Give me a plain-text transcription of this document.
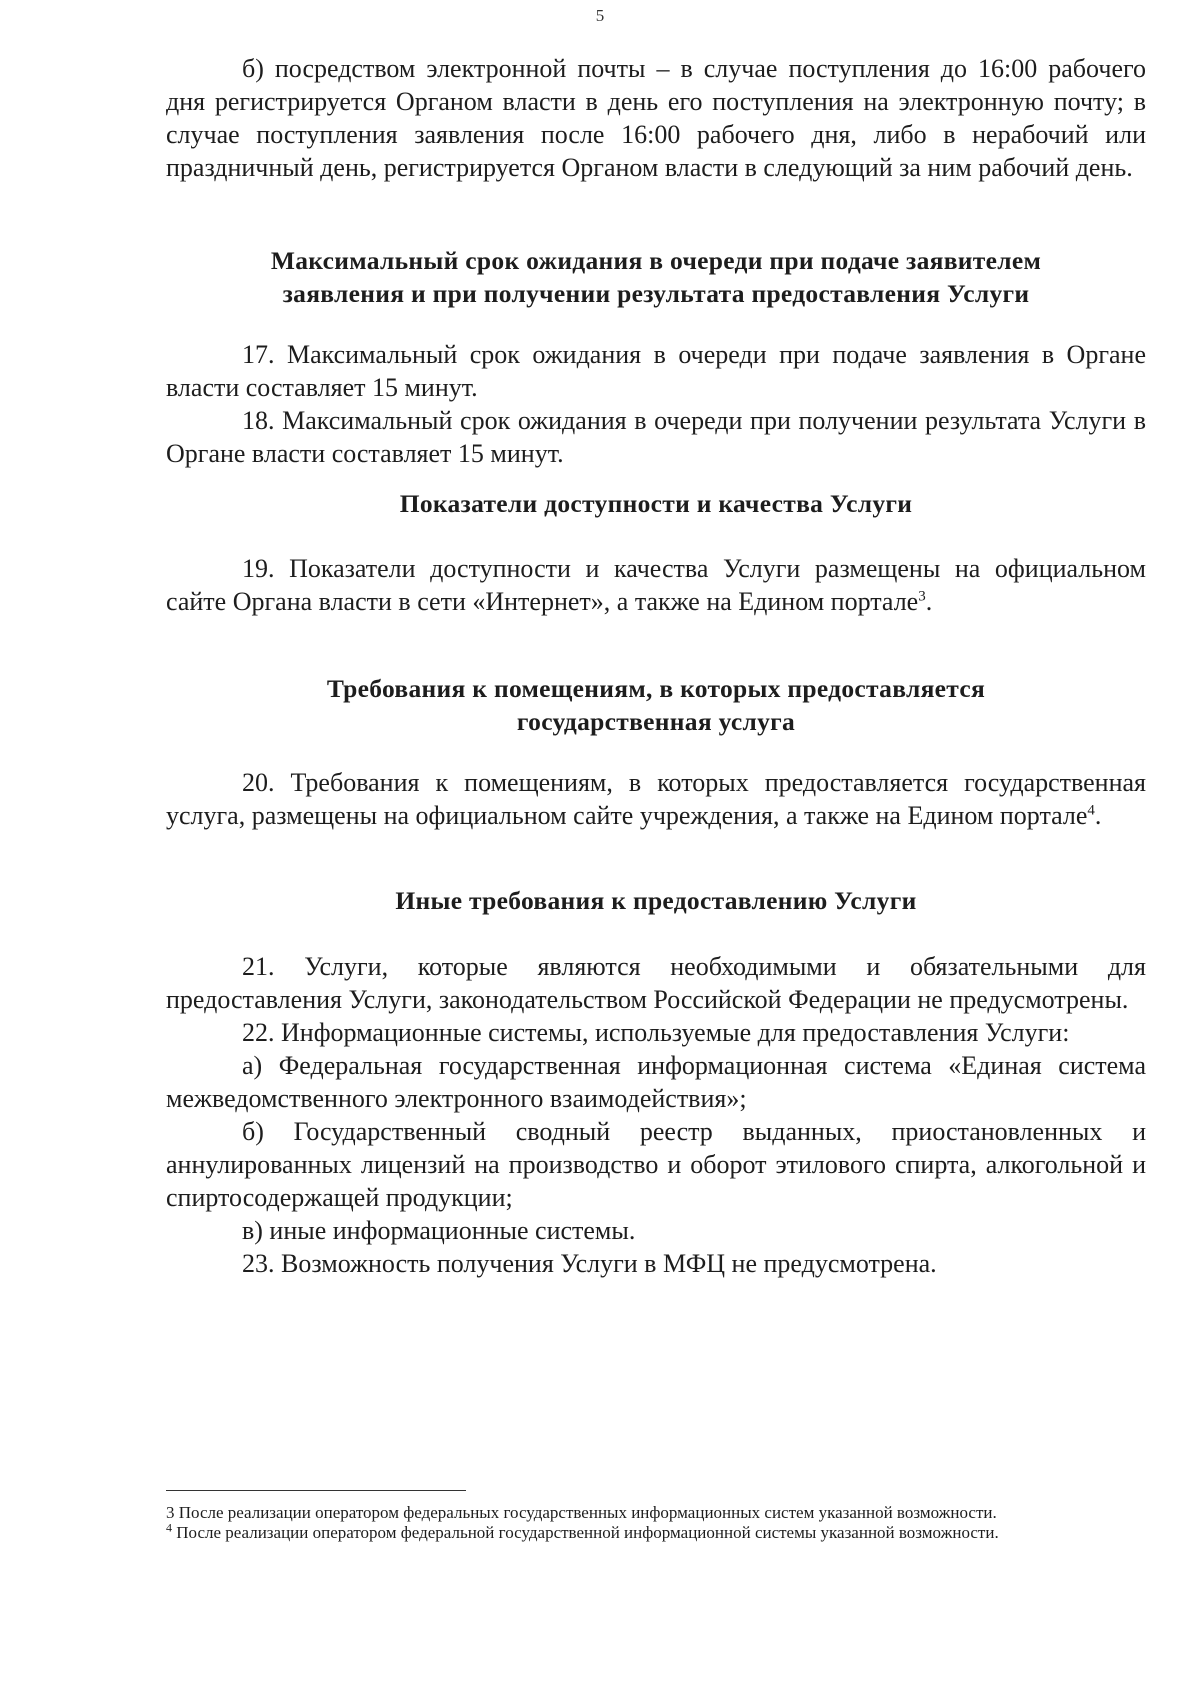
5

б) посредством электронной почты – в случае поступления до 16:00 рабочего дня регистрируется Органом власти в день его поступления на электронную почту; в случае поступления заявления после 16:00 рабочего дня, либо в нерабочий или праздничный день, регистрируется Органом власти в следующий за ним рабочий день.

Максимальный срок ожидания в очереди при подаче заявителем
заявления и при получении результата предоставления Услуги

17. Максимальный срок ожидания в очереди при подаче заявления в Органе власти составляет 15 минут.

18. Максимальный срок ожидания в очереди при получении результата Услуги в Органе власти составляет 15 минут.

Показатели доступности и качества Услуги

19. Показатели доступности и качества Услуги размещены на официальном сайте Органа власти в сети «Интернет», а также на Едином портале$^3$.

Требования к помещениям, в которых предоставляется
государственная услуга

20. Требования к помещениям, в которых предоставляется государственная услуга, размещены на официальном сайте учреждения, а также на Едином портале$^4$.

Иные требования к предоставлению Услуги

21. Услуги, которые являются необходимыми и обязательными для предоставления Услуги, законодательством Российской Федерации не предусмотрены.

22. Информационные системы, используемые для предоставления Услуги:

а) Федеральная государственная информационная система «Единая система межведомственного электронного взаимодействия»;

б) Государственный сводный реестр выданных, приостановленных и аннулированных лицензий на производство и оборот этилового спирта, алкогольной и спиртосодержащей продукции;

в) иные информационные системы.

23. Возможность получения Услуги в МФЦ не предусмотрена.

3 После реализации оператором федеральных государственных информационных систем указанной возможности.

$^4$ После реализации оператором федеральной государственной информационной системы указанной возможности.
